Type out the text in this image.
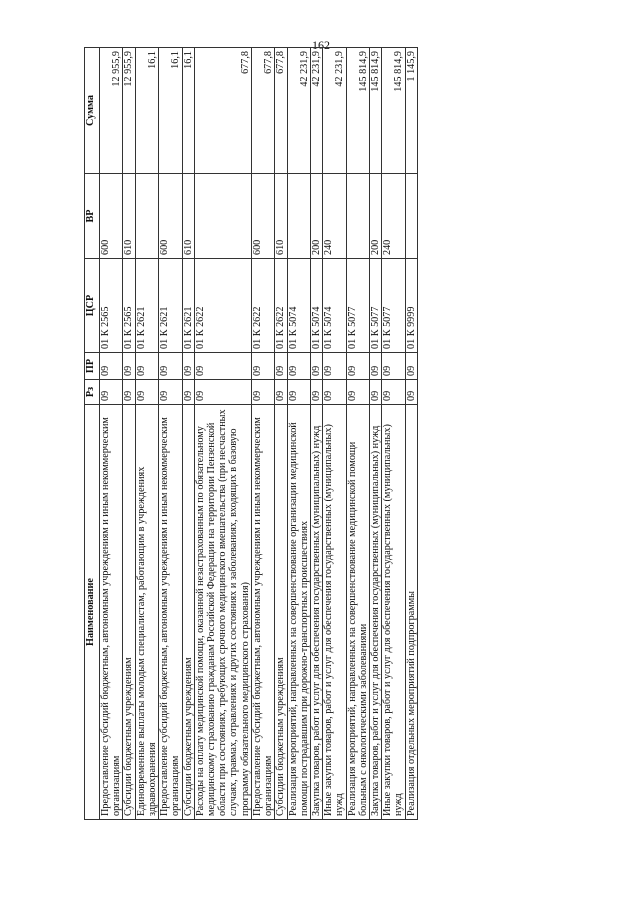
162
Наименование	Рз	ПР	ЦСР	ВР	Сумма
Предоставление субсидий бюджетным, автономным учреждениям и иным некоммерческим организациям	09	09	01 К 2565	600	12 955,9
Субсидии бюджетным учреждениям	09	09	01 К 2565	610	12 955,9
Единовременные выплаты молодым специалистам, работающим в учреждениях здравоохранения	09	09	01 К 2621		16,1
Предоставление субсидий бюджетным, автономным учреждениям и иным некоммерческим организациям	09	09	01 К 2621	600	16,1
Субсидии бюджетным учреждениям	09	09	01 К 2621	610	16,1
Расходы на оплату медицинской помощи, оказанной незастрахованным по обязательному медицинскому страхованию гражданам Российской Федерации на территории Пензенской области при состояниях, требующих срочного медицинского вмешательства (при несчастных случаях, травмах, отравлениях и других состояниях и заболеваниях, входящих в базовую программу обязательного медицинского страхования)	09	09	01 К 2622		677,8
Предоставление субсидий бюджетным, автономным учреждениям и иным некоммерческим организациям	09	09	01 К 2622	600	677,8
Субсидии бюджетным учреждениям	09	09	01 К 2622	610	677,8
Реализация мероприятий, направленных на совершенствование организации медицинской помощи пострадавшим при дорожно-транспортных происшествиях	09	09	01 К 5074		42 231,9
Закупка товаров, работ и услуг для обеспечения государственных (муниципальных) нужд	09	09	01 К 5074	200	42 231,9
Иные закупки товаров, работ и услуг для обеспечения государственных (муниципальных) нужд	09	09	01 К 5074	240	42 231,9
Реализация мероприятий, направленных на совершенствование медицинской помощи больным с онкологическими заболеваниями	09	09	01 К 5077		145 814,9
Закупка товаров, работ и услуг для обеспечения государственных (муниципальных) нужд	09	09	01 К 5077	200	145 814,9
Иные закупки товаров, работ и услуг для обеспечения государственных (муниципальных) нужд	09	09	01 К 5077	240	145 814,9
Реализация отдельных мероприятий подпрограммы	09	09	01 К 9999		1 145,9
